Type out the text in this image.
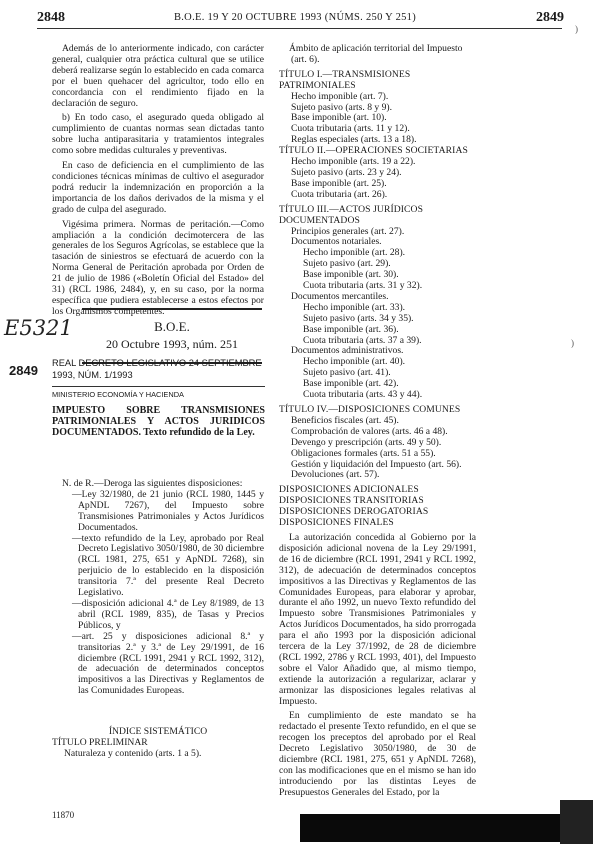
2848	B.O.E. 19 Y 20 OCTUBRE 1993 (NÚMS. 250 Y 251)	2849

Además de lo anteriormente indicado, con carácter general, cualquier otra práctica cultural que se utilice deberá realizarse según lo establecido en cada comarca por el buen quehacer del agricultor, todo ello en concordancia con el rendimiento fijado en la declaración de seguro.

b) En todo caso, el asegurado queda obligado al cumplimiento de cuantas normas sean dictadas tanto sobre lucha antiparasitaria y tratamientos integrales como sobre medidas culturales y preventivas.

En caso de deficiencia en el cumplimiento de las condiciones técnicas mínimas de cultivo el asegurador podrá reducir la indemnización en proporción a la importancia de los daños derivados de la misma y el grado de culpa del asegurado.

Vigésima primera. Normas de peritación.—Como ampliación a la condición decimotercera de las generales de los Seguros Agrícolas, se establece que la tasación de siniestros se efectuará de acuerdo con la Norma General de Peritación aprobada por Orden de 21 de julio de 1986 («Boletín Oficial del Estado» del 31) (RCL 1986, 2484), y, en su caso, por la norma específica que pudiera establecerse a estos efectos por los Organismos competentes.

E5321	B.O.E.
20 Octubre 1993, núm. 251
2849 REAL DECRETO LEGISLATIVO 24 SEPTIEMBRE
1993, NÚM. 1/1993
MINISTERIO ECONOMÍA Y HACIENDA
IMPUESTO SOBRE TRANSMISIONES PATRIMONIALES Y ACTOS JURIDICOS DOCUMENTADOS. Texto refundido de la Ley.

N. de R.—Deroga las siguientes disposiciones:

—Ley 32/1980, de 21 junio (RCL 1980, 1445 y ApNDL 7267), del Impuesto sobre Transmisiones Patrimoniales y Actos Jurídicos Documentados.

—texto refundido de la Ley, aprobado por Real Decreto Legislativo 3050/1980, de 30 diciembre (RCL 1981, 275, 651 y ApNDL 7268), sin perjuicio de lo establecido en la disposición transitoria 7.ª del presente Real Decreto Legislativo.

—disposición adicional 4.ª de Ley 8/1989, de 13 abril (RCL 1989, 835), de Tasas y Precios Públicos, y

—art. 25 y disposiciones adicional 8.ª y transitorias 2.ª y 3.ª de Ley 29/1991, de 16 diciembre (RCL 1991, 2941 y RCL 1992, 312), de adecuación de determinados conceptos impositivos a las Directivas y Reglamentos de las Comunidades Europeas.

ÍNDICE SISTEMÁTICO

TÍTULO PRELIMINAR

Naturaleza y contenido (arts. 1 a 5).

11870

Ámbito de aplicación territorial del Impuesto (art. 6).

TÍTULO I.—TRANSMISIONES PATRIMONIALES

Hecho imponible (art. 7).

Sujeto pasivo (arts. 8 y 9).

Base imponible (art. 10).

Cuota tributaria (arts. 11 y 12).

Reglas especiales (arts. 13 a 18).

TÍTULO II.—OPERACIONES SOCIETARIAS

Hecho imponible (arts. 19 a 22).

Sujeto pasivo (arts. 23 y 24).

Base imponible (art. 25).

Cuota tributaria (art. 26).

TÍTULO III.—ACTOS JURÍDICOS DOCUMENTADOS

Principios generales (art. 27).

Documentos notariales.

Hecho imponible (art. 28).

Sujeto pasivo (art. 29).

Base imponible (art. 30).

Cuota tributaria (arts. 31 y 32).

Documentos mercantiles.

Hecho imponible (art. 33).

Sujeto pasivo (arts. 34 y 35).

Base imponible (art. 36).

Cuota tributaria (arts. 37 a 39).

Documentos administrativos.

Hecho imponible (art. 40).

Sujeto pasivo (art. 41).

Base imponible (art. 42).

Cuota tributaria (arts. 43 y 44).

TÍTULO IV.—DISPOSICIONES COMUNES

Beneficios fiscales (art. 45).

Comprobación de valores (arts. 46 a 48).

Devengo y prescripción (arts. 49 y 50).

Obligaciones formales (arts. 51 a 55).

Gestión y liquidación del Impuesto (art. 56).

Devoluciones (art. 57).

DISPOSICIONES ADICIONALES

DISPOSICIONES TRANSITORIAS

DISPOSICIONES DEROGATORIAS

DISPOSICIONES FINALES

La autorización concedida al Gobierno por la disposición adicional novena de la Ley 29/1991, de 16 de diciembre (RCL 1991, 2941 y RCL 1992, 312), de adecuación de determinados conceptos impositivos a las Directivas y Reglamentos de las Comunidades Europeas, para elaborar y aprobar, durante el año 1992, un nuevo Texto refundido del Impuesto sobre Transmisiones Patrimoniales y Actos Jurídicos Documentados, ha sido prorrogada para el año 1993 por la disposición adicional tercera de la Ley 37/1992, de 28 de diciembre (RCL 1992, 2786 y RCL 1993, 401), del Impuesto sobre el Valor Añadido que, al mismo tiempo, extiende la autorización a regularizar, aclarar y armonizar las disposiciones legales relativas al Impuesto.

En cumplimiento de este mandato se ha redactado el presente Texto refundido, en el que se recogen los preceptos del aprobado por el Real Decreto Legislativo 3050/1980, de 30 de diciembre (RCL 1981, 275, 651 y ApNDL 7268), con las modificaciones que en el mismo se han ido introduciendo por las distintas Leyes de Presupuestos Generales del Estado, por la

)
)
